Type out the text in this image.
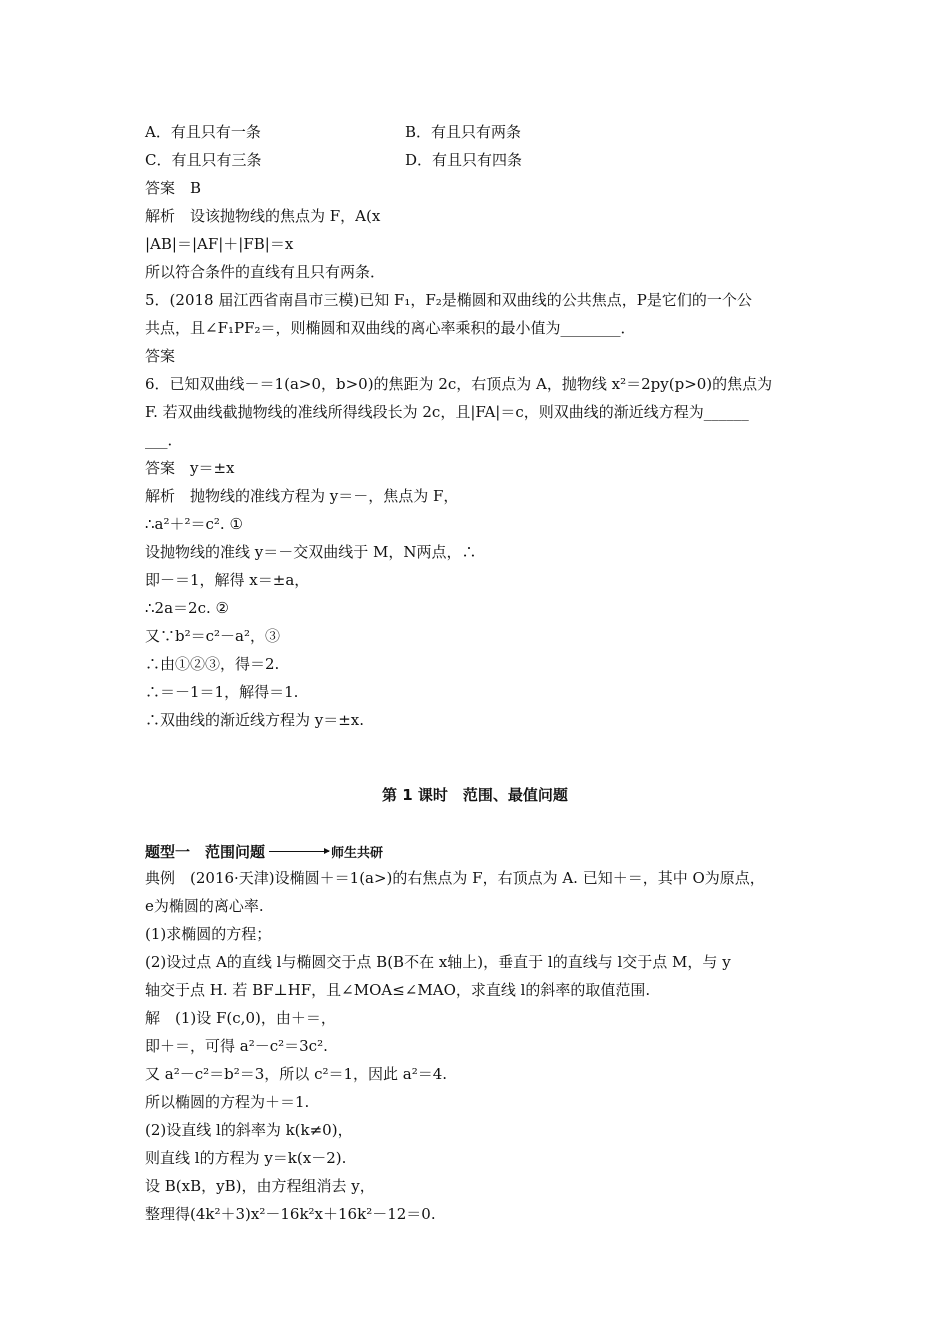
A．有且只有一条	B．有且只有两条
C．有且只有三条	D．有且只有四条
答案　B
解析　设该抛物线的焦点为 F，A(x
|AB|＝|AF|＋|FB|＝x
所以符合条件的直线有且只有两条．
5．(2018 届江西省南昌市三模)已知 F₁，F₂是椭圆和双曲线的公共焦点，P是它们的一个公
共点，且∠F₁PF₂＝，则椭圆和双曲线的离心率乘积的最小值为________．
答案
6．已知双曲线－＝1(a>0，b>0)的焦距为 2c，右顶点为 A，抛物线 x²＝2py(p>0)的焦点为
F. 若双曲线截抛物线的准线所得线段长为 2c，且|FA|＝c，则双曲线的渐近线方程为______
___．
答案　y＝±x
解析　抛物线的准线方程为 y＝－，焦点为 F，
∴a²＋²＝c². ①
设抛物线的准线 y＝－交双曲线于 M，N两点，∴
即－＝1，解得 x＝±a，
∴2a＝2c. ②
又∵b²＝c²－a²，③
∴由①②③，得＝2.
∴＝－1＝1，解得＝1.
∴双曲线的渐近线方程为 y＝±x.
第 1 课时　范围、最值问题
题型一　范围问题	师生共研
典例　(2016·天津)设椭圆＋＝1(a>)的右焦点为 F，右顶点为 A. 已知＋＝，其中 O为原点，
e为椭圆的离心率.
(1)求椭圆的方程；
(2)设过点 A的直线 l与椭圆交于点 B(B不在 x轴上)，垂直于 l的直线与 l交于点 M，与 y
轴交于点 H. 若 BF⊥HF，且∠MOA≤∠MAO，求直线 l的斜率的取值范围.
解　(1)设 F(c,0)，由＋＝，
即＋＝，可得 a²－c²＝3c².
又 a²－c²＝b²＝3，所以 c²＝1，因此 a²＝4.
所以椭圆的方程为＋＝1.
(2)设直线 l的斜率为 k(k≠0)，
则直线 l的方程为 y＝k(x－2).
设 B(xB，yB)，由方程组消去 y，
整理得(4k²＋3)x²－16k²x＋16k²－12＝0.
